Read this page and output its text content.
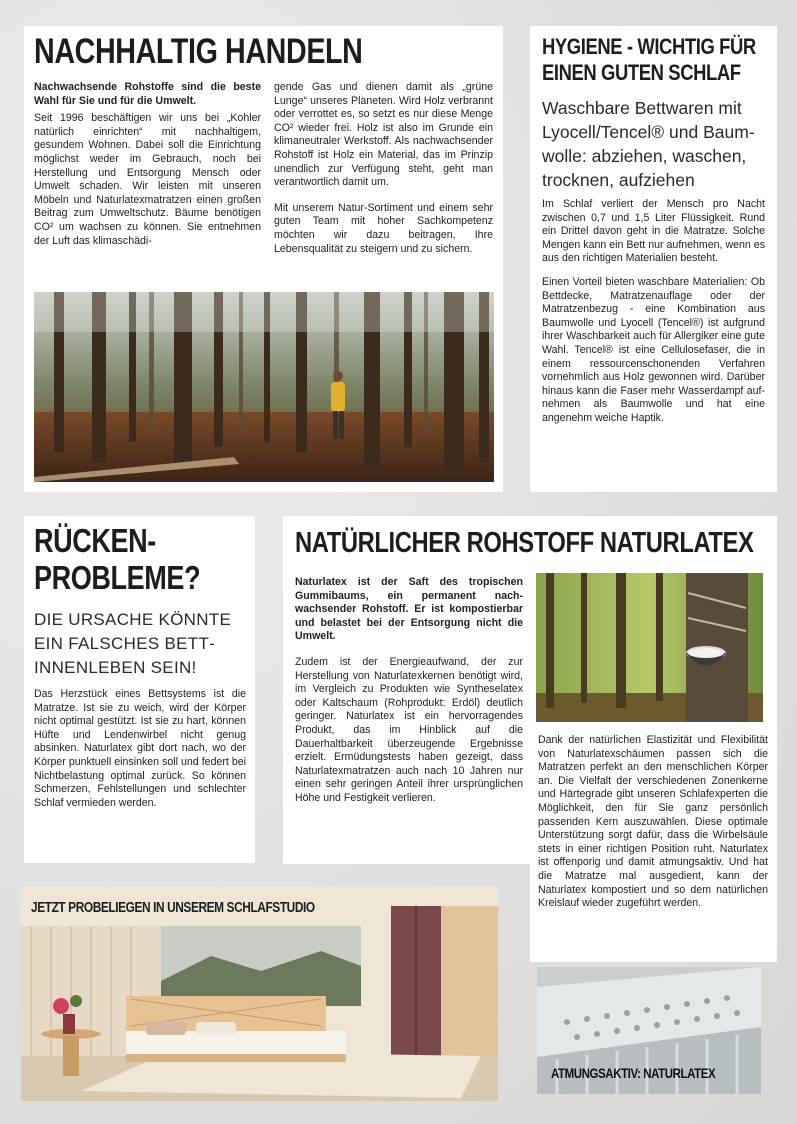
NACHHALTIG HANDELN

Nachwachsende Rohstoffe sind die beste Wahl für Sie und für die Umwelt.

Seit 1996 beschäftigen wir uns bei „Kohler natürlich einrichten“ mit nachhaltigem, gesundem Wohnen. Dabei soll die Einrichtung möglichst weder im Gebrauch, noch bei Herstellung und Entsorgung Mensch oder Umwelt schaden. Wir leisten mit unseren Möbeln und Naturlatexmatratzen einen großen Beitrag zum Umweltschutz. Bäume benötigen CO² um wachsen zu können. Sie entnehmen der Luft das klimaschädi-

gende Gas und dienen damit als „grüne Lunge“ unseres Planeten. Wird Holz verbrannt oder verrottet es, so setzt es nur diese Menge CO² wieder frei. Holz ist also im Grunde ein klimaneutraler Werkstoff. Als nachwachsender Rohstoff ist Holz ein Material, das im Prinzip unendlich zur Verfügung steht, geht man verantwortlich damit um.

Mit unserem Natur-Sortiment und einem sehr guten Team mit hoher Sachkompetenz möchten wir dazu beitragen, Ihre Lebensqualität zu steigern und zu sichern.

HYGIENE - WICHTIG FÜR EINEN GUTEN SCHLAF
Waschbare Bettwaren mit Lyocell/Tencel® und Baumwolle: abziehen, waschen, trocknen, aufziehen

Im Schlaf verliert der Mensch pro Nacht zwischen 0,7 und 1,5 Liter Flüssigkeit. Rund ein Drittel davon geht in die Matratze. Solche Mengen kann ein Bett nur aufnehmen, wenn es aus den richtigen Materialien besteht.

Einen Vorteil bieten waschbare Materialien: Ob Bettdecke, Matratzenauflage oder der Matratzenbezug - eine Kombination aus Baumwolle und Lyocell (Tencel®) ist aufgrund ihrer Waschbarkeit auch für Allergiker eine gute Wahl. Tencel® ist eine Cellulosefaser, die in einem ressourcenschonenden Verfahren vornehmlich aus Holz gewonnen wird. Darüber hinaus kann die Faser mehr Wasserdampf aufnehmen als Baumwolle und hat eine angenehm weiche Haptik.

RÜCKEN-
PROBLEME?
DIE URSACHE KÖNNTE EIN FALSCHES BETTINNENLEBEN SEIN!

Das Herzstück eines Bettsystems ist die Matratze. Ist sie zu weich, wird der Körper nicht optimal gestützt. Ist sie zu hart, können Hüfte und Lendenwirbel nicht genug absinken. Naturlatex gibt dort nach, wo der Körper punktuell einsinken soll und federt bei Nichtbelastung optimal zurück. So können Schmerzen, Fehlstellungen und schlechter Schlaf vermieden werden.

NATÜRLICHER ROHSTOFF NATURLATEX

Naturlatex ist der Saft des tropischen Gummibaums, ein permanent nachwachsender Rohstoff. Er ist kompostierbar und belastet bei der Entsorgung nicht die Umwelt.

Zudem ist der Energieaufwand, der zur Herstellung von Naturlatexkernen benötigt wird, im Vergleich zu Produkten wie Syntheselatex oder Kaltschaum (Rohprodukt: Erdöl) deutlich geringer. Naturlatex ist ein hervorragendes Produkt, das im Hinblick auf die Dauerhaltbarkeit überzeugende Ergebnisse erzielt. Ermüdungstests haben gezeigt, dass Naturlatexmatratzen auch nach 10 Jahren nur einen sehr geringen Anteil ihrer ursprünglichen Höhe und Festigkeit verlieren.

Dank der natürlichen Elastizität und Flexibilität von Naturlatexschäumen passen sich die Matratzen perfekt an den menschlichen Körper an. Die Vielfalt der verschiedenen Zonenkerne und Härtegrade gibt unseren Schlafexperten die Möglichkeit, den für Sie ganz persönlich passenden Kern auszuwählen. Diese optimale Unterstützung sorgt dafür, dass die Wirbelsäule stets in einer richtigen Position ruht. Naturlatex ist offenporig und damit atmungsaktiv. Und hat die Matratze mal ausgedient, kann der Naturlatex kompostiert und so dem natürlichen Kreislauf wieder zugeführt werden.

JETZT PROBELIEGEN IN UNSEREM SCHLAFSTUDIO
ATMUNGSAKTIV: NATURLATEX
